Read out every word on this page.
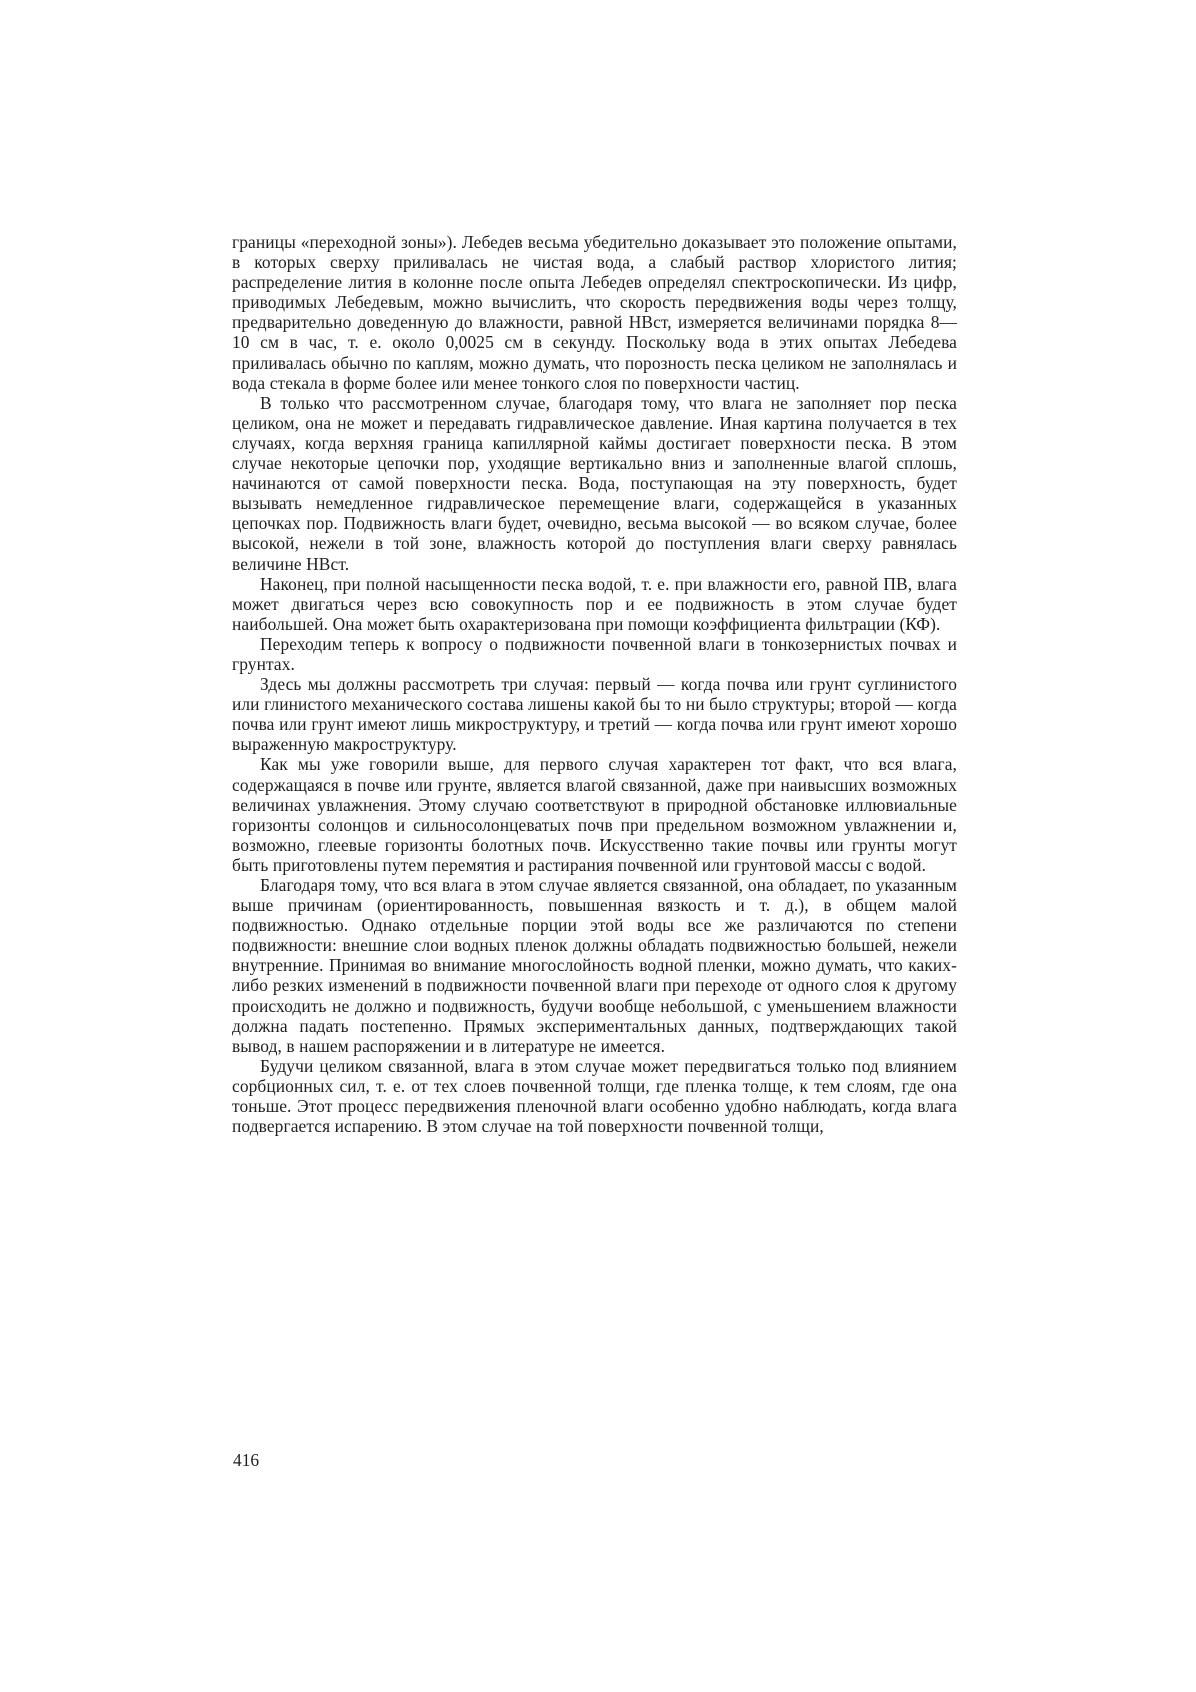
границы «переходной зоны»). Лебедев весьма убедительно доказывает это положение опытами, в которых сверху приливалась не чистая вода, а слабый раствор хлористого лития; распределение лития в колонне после опыта Лебедев определял спектроскопически. Из цифр, приводимых Лебедевым, можно вычислить, что скорость передвижения воды через толщу, предварительно доведенную до влажности, равной НВст, измеряется величинами порядка 8—10 см в час, т. е. около 0,0025 см в секунду. Поскольку вода в этих опытах Лебедева приливалась обычно по каплям, можно думать, что порозность песка целиком не заполнялась и вода стекала в форме более или менее тонкого слоя по поверхности частиц.

В только что рассмотренном случае, благодаря тому, что влага не заполняет пор песка целиком, она не может и передавать гидравлическое давление. Иная картина получается в тех случаях, когда верхняя граница капиллярной каймы достигает поверхности песка. В этом случае некоторые цепочки пор, уходящие вертикально вниз и заполненные влагой сплошь, начинаются от самой поверхности песка. Вода, поступающая на эту поверхность, будет вызывать немедленное гидравлическое перемещение влаги, содержащейся в указанных цепочках пор. Подвижность влаги будет, очевидно, весьма высокой — во всяком случае, более высокой, нежели в той зоне, влажность которой до поступления влаги сверху равнялась величине НВст.

Наконец, при полной насыщенности песка водой, т. е. при влажности его, равной ПВ, влага может двигаться через всю совокупность пор и ее подвижность в этом случае будет наибольшей. Она может быть охарактеризована при помощи коэффициента фильтрации (КФ).

Переходим теперь к вопросу о подвижности почвенной влаги в тонкозернистых почвах и грунтах.

Здесь мы должны рассмотреть три случая: первый — когда почва или грунт суглинистого или глинистого механического состава лишены какой бы то ни было структуры; второй — когда почва или грунт имеют лишь микроструктуру, и третий — когда почва или грунт имеют хорошо выраженную макроструктуру.

Как мы уже говорили выше, для первого случая характерен тот факт, что вся влага, содержащаяся в почве или грунте, является влагой связанной, даже при наивысших возможных величинах увлажнения. Этому случаю соответствуют в природной обстановке иллювиальные горизонты солонцов и сильносолонцеватых почв при предельном возможном увлажнении и, возможно, глеевые горизонты болотных почв. Искусственно такие почвы или грунты могут быть приготовлены путем перемятия и растирания почвенной или грунтовой массы с водой.

Благодаря тому, что вся влага в этом случае является связанной, она обладает, по указанным выше причинам (ориентированность, повышенная вязкость и т. д.), в общем малой подвижностью. Однако отдельные порции этой воды все же различаются по степени подвижности: внешние слои водных пленок должны обладать подвижностью большей, нежели внутренние. Принимая во внимание многослойность водной пленки, можно думать, что каких-либо резких изменений в подвижности почвенной влаги при переходе от одного слоя к другому происходить не должно и подвижность, будучи вообще небольшой, с уменьшением влажности должна падать постепенно. Прямых экспериментальных данных, подтверждающих такой вывод, в нашем распоряжении и в литературе не имеется.

Будучи целиком связанной, влага в этом случае может передвигаться только под влиянием сорбционных сил, т. е. от тех слоев почвенной толщи, где пленка толще, к тем слоям, где она тоньше. Этот процесс передвижения пленочной влаги особенно удобно наблюдать, когда влага подвергается испарению. В этом случае на той поверхности почвенной толщи,

416
